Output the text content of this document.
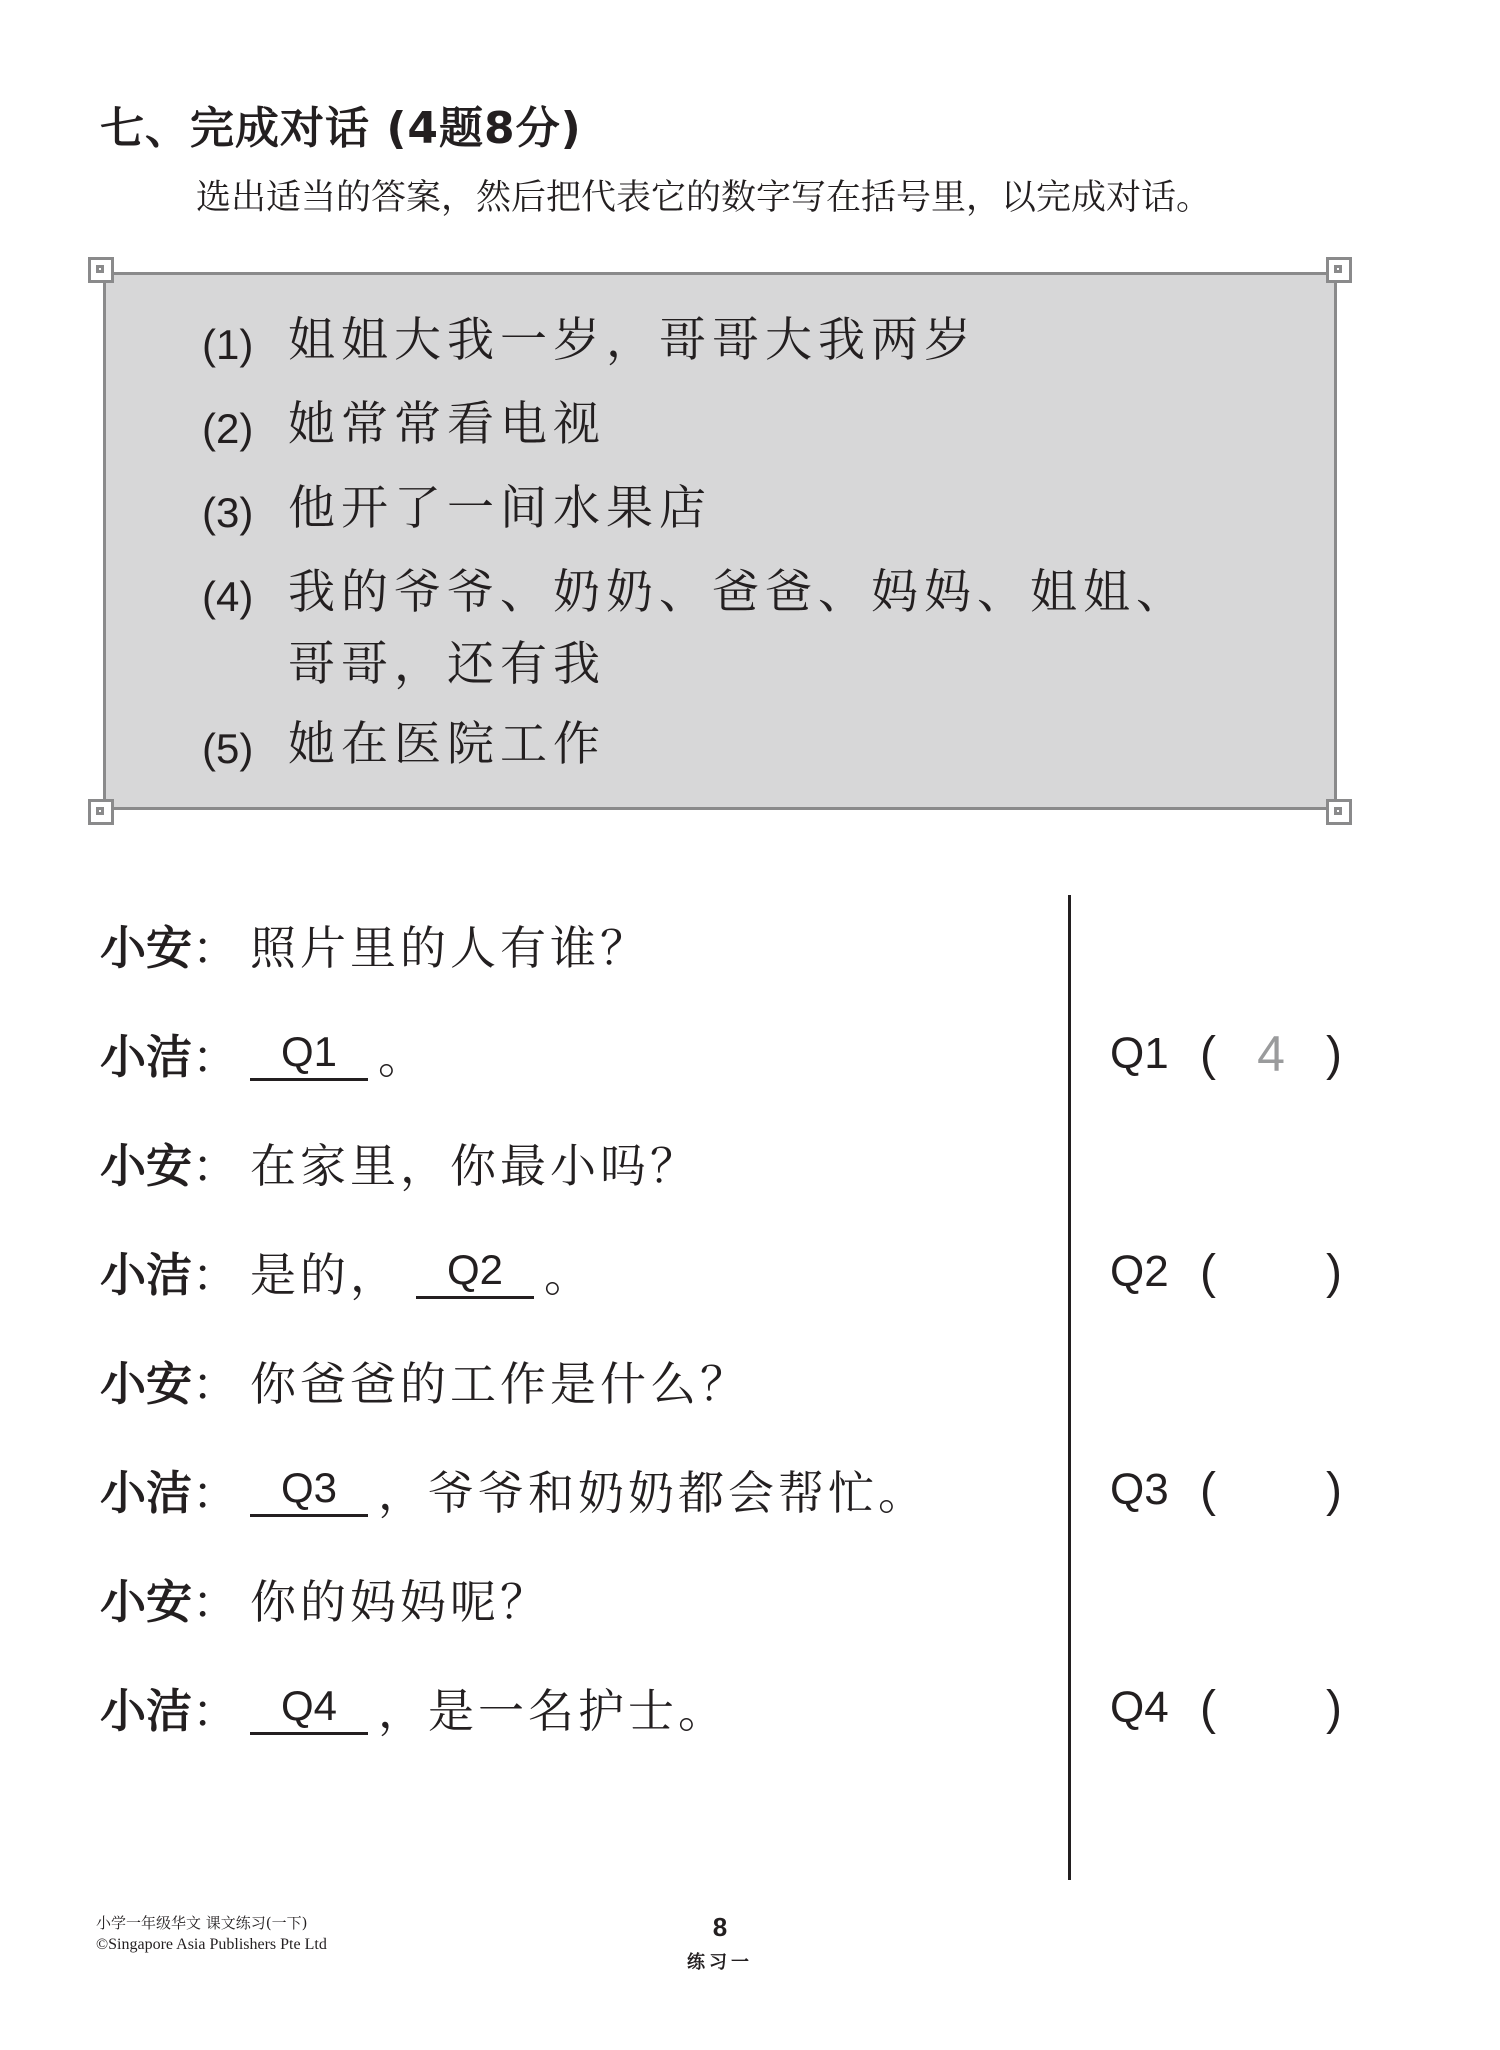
七、完成对话 (4题8分)
选出适当的答案，然后把代表它的数字写在括号里，以完成对话。
(1) 姐姐大我一岁，哥哥大我两岁
(2) 她常常看电视
(3) 他开了一间水果店
(4) 我的爷爷、奶奶、爸爸、妈妈、姐姐、
哥哥，还有我
(5) 她在医院工作
小安： 照片里的人有谁？
小洁：	Q1 。
小安： 在家里，你最小吗？
小洁： 是的，	Q2 。
小安： 你爸爸的工作是什么？
小洁：	Q3 ，爷爷和奶奶都会帮忙。
小安： 你的妈妈呢？
小洁：	Q4 ，是一名护士。
Q1 ( 4 )
Q2 ( )
Q3 ( )
Q4 ( )
小学一年级华文 课文练习(一下)
©Singapore Asia Publishers Pte Ltd
8
练习一
